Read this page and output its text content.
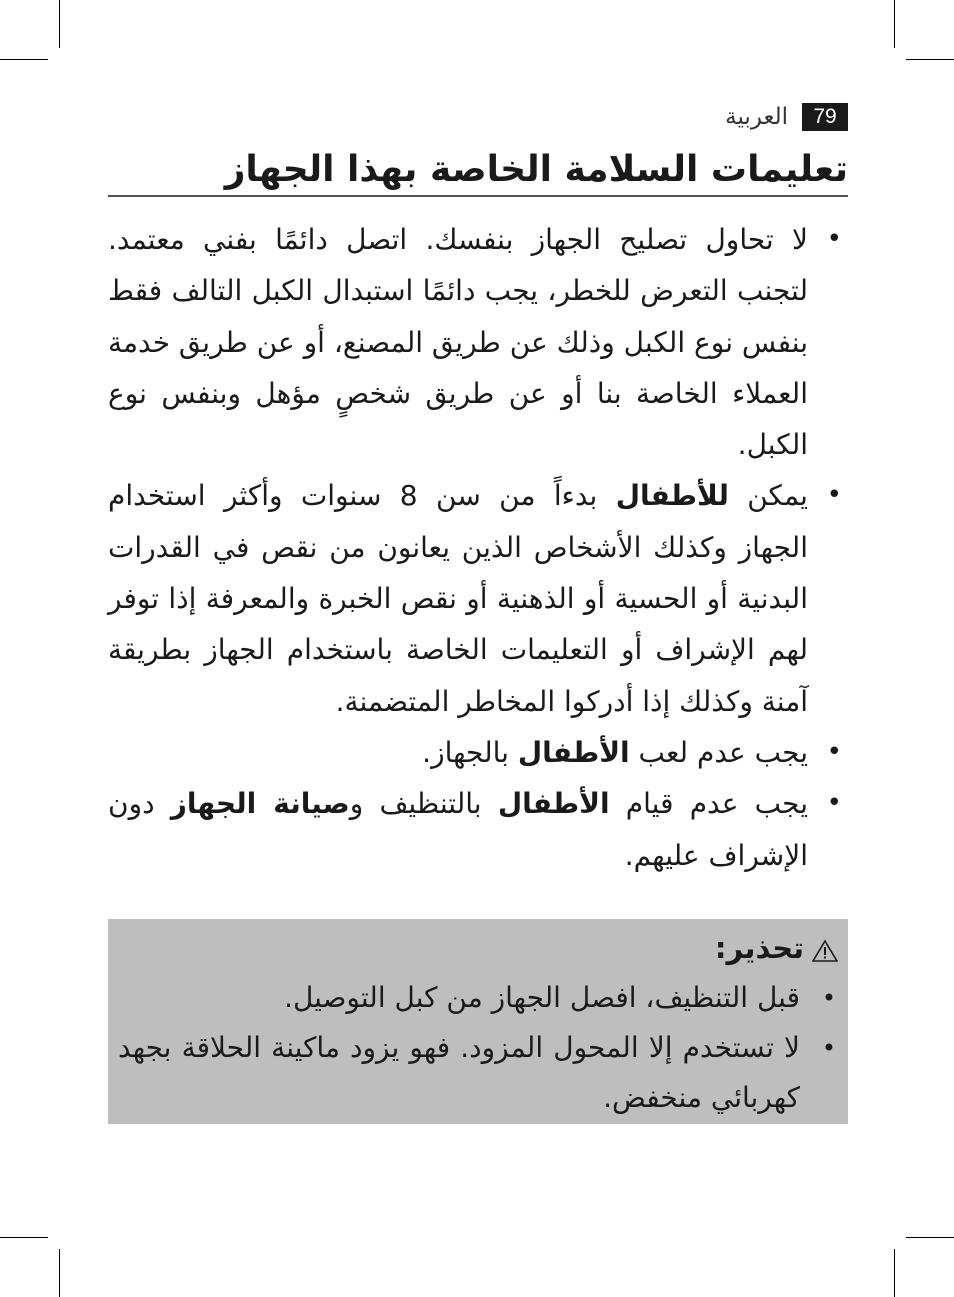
79
العربية
تعليمات السلامة الخاصة بهذا الجهاز
• لا تحاول تصليح الجهاز بنفسك. اتصل دائمًا بفني معتمد. لتجنب التعرض للخطر، يجب دائمًا استبدال الكبل التالف فقط بنفس نوع الكبل وذلك عن طريق المصنع، أو عن طريق خدمة العملاء الخاصة بنا أو عن طريق شخصٍ مؤهل وبنفس نوع الكبل.
• يمكن للأطفال بدءاً من سن 8 سنوات وأكثر استخدام الجهاز وكذلك الأشخاص الذين يعانون من نقص في القدرات البدنية أو الحسية أو الذهنية أو نقص الخبرة والمعرفة إذا توفر لهم الإشراف أو التعليمات الخاصة باستخدام الجهاز بطريقة آمنة وكذلك إذا أدركوا المخاطر المتضمنة.
• يجب عدم لعب الأطفال بالجهاز.
• يجب عدم قيام الأطفال بالتنظيف وصيانة الجهاز دون الإشراف عليهم.
تحذير:
• قبل التنظيف، افصل الجهاز من كبل التوصيل.
• لا تستخدم إلا المحول المزود. فهو يزود ماكينة الحلاقة بجهد كهربائي منخفض.
